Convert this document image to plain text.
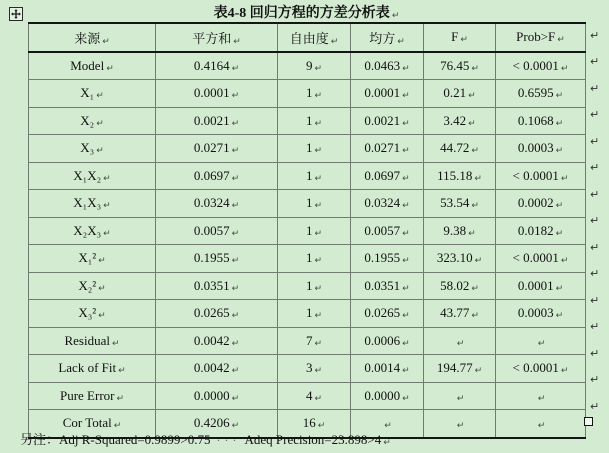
表4-8 回归方程的方差分析表 ↵
来源 ↵	平方和 ↵	自由度 ↵	均方 ↵	F ↵	Prob>F ↵
Model ↵	0.4164 ↵	9 ↵	0.0463 ↵	76.45 ↵	< 0.0001 ↵
X₁ ↵	0.0001 ↵	1 ↵	0.0001 ↵	0.21 ↵	0.6595 ↵
X₂ ↵	0.0021 ↵	1 ↵	0.0021 ↵	3.42 ↵	0.1068 ↵
X₃ ↵	0.0271 ↵	1 ↵	0.0271 ↵	44.72 ↵	0.0003 ↵
X₁X₂ ↵	0.0697 ↵	1 ↵	0.0697 ↵	115.18 ↵	< 0.0001 ↵
X₁X₃ ↵	0.0324 ↵	1 ↵	0.0324 ↵	53.54 ↵	0.0002 ↵
X₂X₃ ↵	0.0057 ↵	1 ↵	0.0057 ↵	9.38 ↵	0.0182 ↵
X₁² ↵	0.1955 ↵	1 ↵	0.1955 ↵	323.10 ↵	< 0.0001 ↵
X₂² ↵	0.0351 ↵	1 ↵	0.0351 ↵	58.02 ↵	0.0001 ↵
X₃² ↵	0.0265 ↵	1 ↵	0.0265 ↵	43.77 ↵	0.0003 ↵
Residual ↵	0.0042 ↵	7 ↵	0.0006 ↵	↵	↵
Lack of Fit ↵	0.0042 ↵	3 ↵	0.0014 ↵	194.77 ↵	< 0.0001 ↵
Pure Error ↵	0.0000 ↵	4 ↵	0.0000 ↵	↵	↵
Cor Total ↵	0.4206 ↵	16 ↵	↵	↵	↵
↵
↵
↵
↵
↵
↵
↵
↵
↵
↵
↵
↵
↵
↵
↵
另注：Adj R-Squared=0.9899>0.75 ··· Adeq Precision=23.898>4 ↵
